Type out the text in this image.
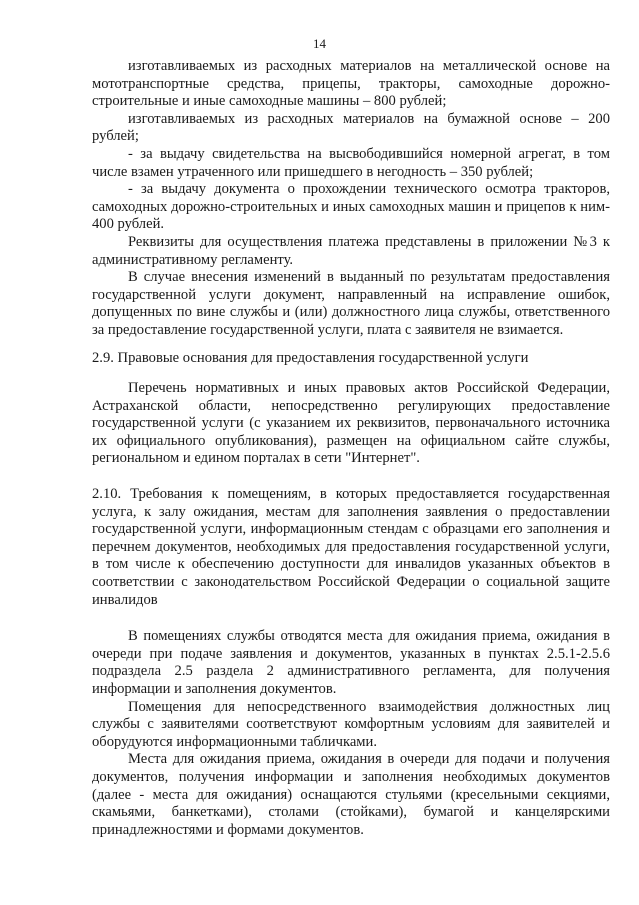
14

изготавливаемых из расходных материалов на металлической основе на мототранспортные средства, прицепы, тракторы, самоходные дорожно-строительные и иные самоходные машины – 800 рублей;

изготавливаемых из расходных материалов на бумажной основе – 200 рублей;

- за выдачу свидетельства на высвободившийся номерной агрегат, в том числе взамен утраченного или пришедшего в негодность – 350 рублей;

- за выдачу документа о прохождении технического осмотра тракторов, самоходных дорожно-строительных и иных самоходных машин и прицепов к ним- 400 рублей.

Реквизиты для осуществления платежа представлены в приложении №3 к административному регламенту.

В случае внесения изменений в выданный по результатам предоставления государственной услуги документ, направленный на исправление ошибок, допущенных по вине службы и (или) должностного лица службы, ответственного за предоставление государственной услуги, плата с заявителя не взимается.

2.9. Правовые основания для предоставления государственной услуги

Перечень нормативных и иных правовых актов Российской Федерации, Астраханской области, непосредственно регулирующих предоставление государственной услуги (с указанием их реквизитов, первоначального источника их официального опубликования), размещен на официальном сайте службы, региональном и едином порталах в сети "Интернет".

2.10. Требования к помещениям, в которых предоставляется государственная услуга, к залу ожидания, местам для заполнения заявления о предоставлении государственной услуги, информационным стендам с образцами его заполнения и перечнем документов, необходимых для предоставления государственной услуги, в том числе к обеспечению доступности для инвалидов указанных объектов в соответствии с законодательством Российской Федерации о социальной защите инвалидов

В помещениях службы отводятся места для ожидания приема, ожидания в очереди при подаче заявления и документов, указанных в пунктах 2.5.1-2.5.6 подраздела 2.5 раздела 2 административного регламента, для получения информации и заполнения документов.

Помещения для непосредственного взаимодействия должностных лиц службы с заявителями соответствуют комфортным условиям для заявителей и оборудуются информационными табличками.

Места для ожидания приема, ожидания в очереди для подачи и получения документов, получения информации и заполнения необходимых документов (далее - места для ожидания) оснащаются стульями (кресельными секциями, скамьями, банкетками), столами (стойками), бумагой и канцелярскими принадлежностями и формами документов.
